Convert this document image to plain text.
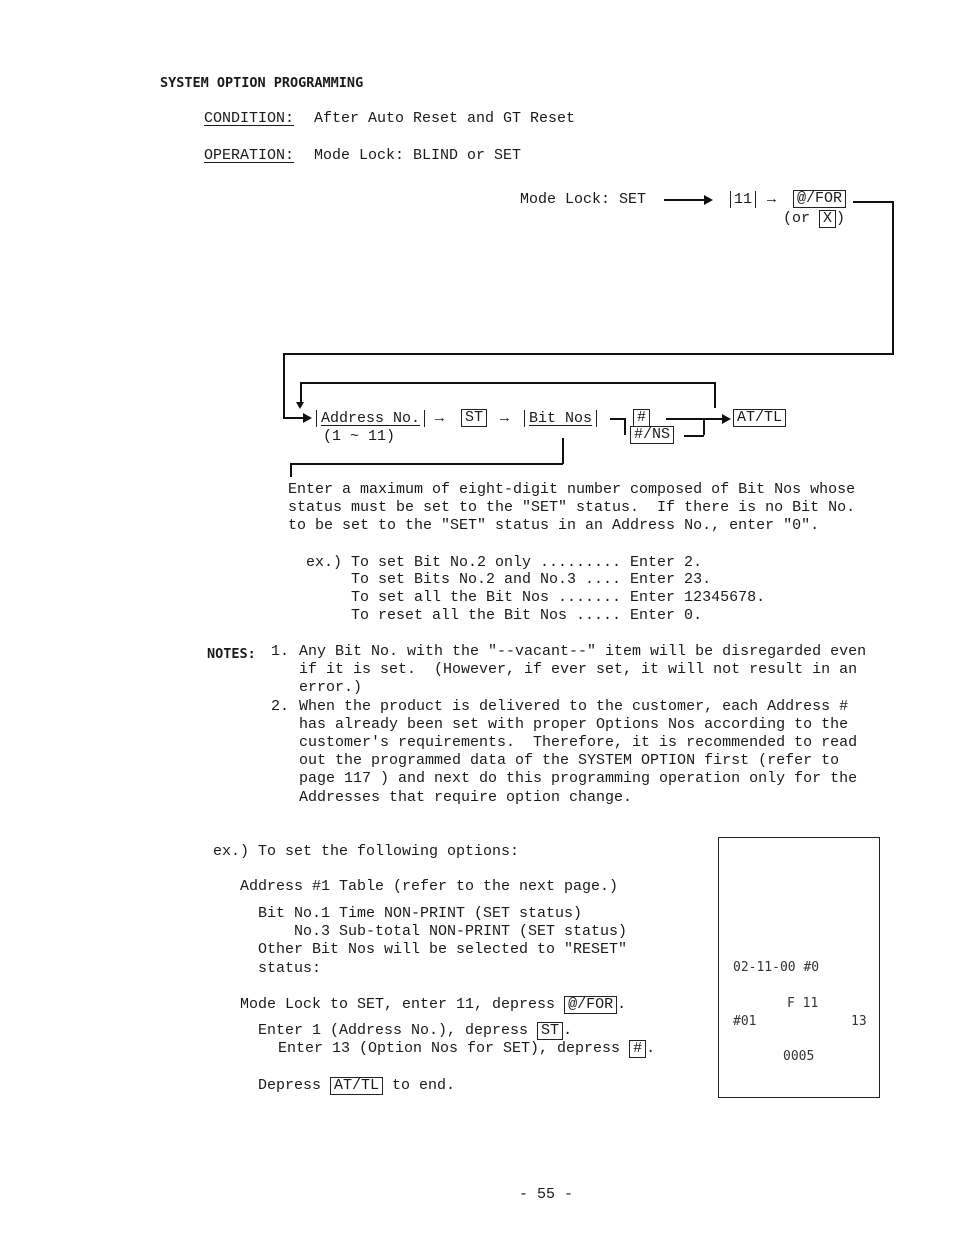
SYSTEM OPTION PROGRAMMING
CONDITION: After Auto Reset and GT Reset
OPERATION: Mode Lock: BLIND or SET
Mode Lock: SET	11 → @/FOR
(or X )
Address No.
(1 ~ 11)
→ ST →	Bit Nos	#
#/NS
AT/TL
Enter a maximum of eight-digit number composed of Bit Nos whose
status must be set to the "SET" status.  If there is no Bit No.
to be set to the "SET" status in an Address No., enter "0".
ex.) To set Bit No.2 only ......... Enter 2.
To set Bits No.2 and No.3 .... Enter 23.
To set all the Bit Nos ....... Enter 12345678.
To reset all the Bit Nos ..... Enter 0.
NOTES: 1. Any Bit No. with the "--vacant--" item will be disregarded even
if it is set.  (However, if ever set, it will not result in an
error.)
2. When the product is delivered to the customer, each Address #
has already been set with proper Options Nos according to the
customer's requirements.  Therefore, it is recommended to read
out the programmed data of the SYSTEM OPTION first (refer to
page 117 ) and next do this programming operation only for the
Addresses that require option change.
ex.) To set the following options:
Address #1 Table (refer to the next page.)
Bit No.1 Time NON-PRINT (SET status)
No.3 Sub-total NON-PRINT (SET status)
Other Bit Nos will be selected to "RESET"
status:
Mode Lock to SET, enter 11, depress @/FOR .
Enter 1 (Address No.), depress ST .
Enter 13 (Option Nos for SET), depress # .
Depress AT/TL to end.
02-11-00 #0
F 11
#01	13
0005
- 55 -
